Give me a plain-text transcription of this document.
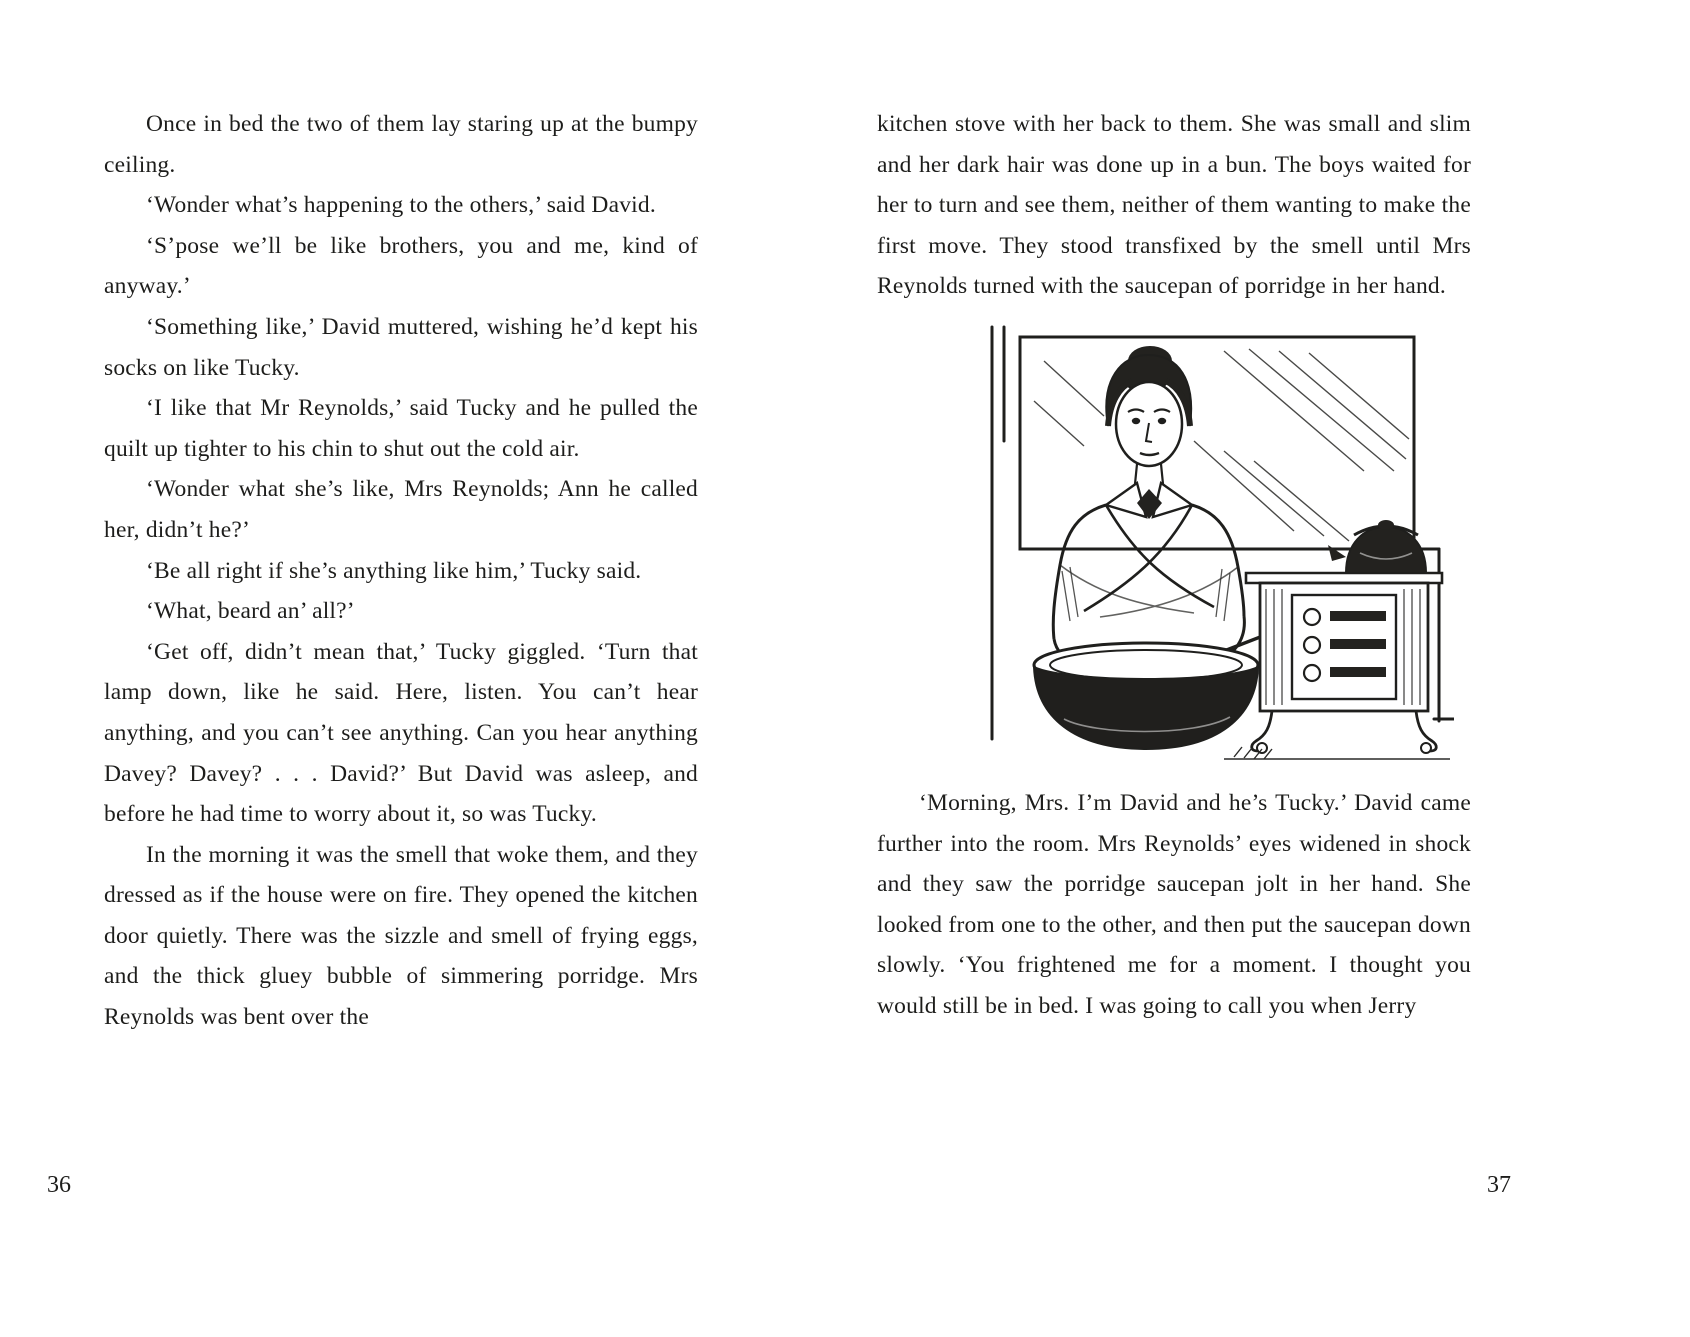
Once in bed the two of them lay staring up at the bumpy ceiling.

‘Wonder what’s happening to the others,’ said David.

‘S’pose we’ll be like brothers, you and me, kind of anyway.’

‘Something like,’ David muttered, wishing he’d kept his socks on like Tucky.

‘I like that Mr Reynolds,’ said Tucky and he pulled the quilt up tighter to his chin to shut out the cold air.

‘Wonder what she’s like, Mrs Reynolds; Ann he called her, didn’t he?’

‘Be all right if she’s anything like him,’ Tucky said.

‘What, beard an’ all?’

‘Get off, didn’t mean that,’ Tucky giggled. ‘Turn that lamp down, like he said. Here, listen. You can’t hear anything, and you can’t see anything. Can you hear anything Davey? Davey? . . . David?’ But David was asleep, and before he had time to worry about it, so was Tucky.

In the morning it was the smell that woke them, and they dressed as if the house were on fire. They opened the kitchen door quietly. There was the sizzle and smell of frying eggs, and the thick gluey bubble of simmering porridge. Mrs Reynolds was bent over the

kitchen stove with her back to them. She was small and slim and her dark hair was done up in a bun. The boys waited for her to turn and see them, neither of them wanting to make the first move. They stood transfixed by the smell until Mrs Reynolds turned with the saucepan of porridge in her hand.

‘Morning, Mrs. I’m David and he’s Tucky.’ David came further into the room. Mrs Reynolds’ eyes widened in shock and they saw the porridge saucepan jolt in her hand. She looked from one to the other, and then put the saucepan down slowly. ‘You frightened me for a moment. I thought you would still be in bed. I was going to call you when Jerry

36	37
